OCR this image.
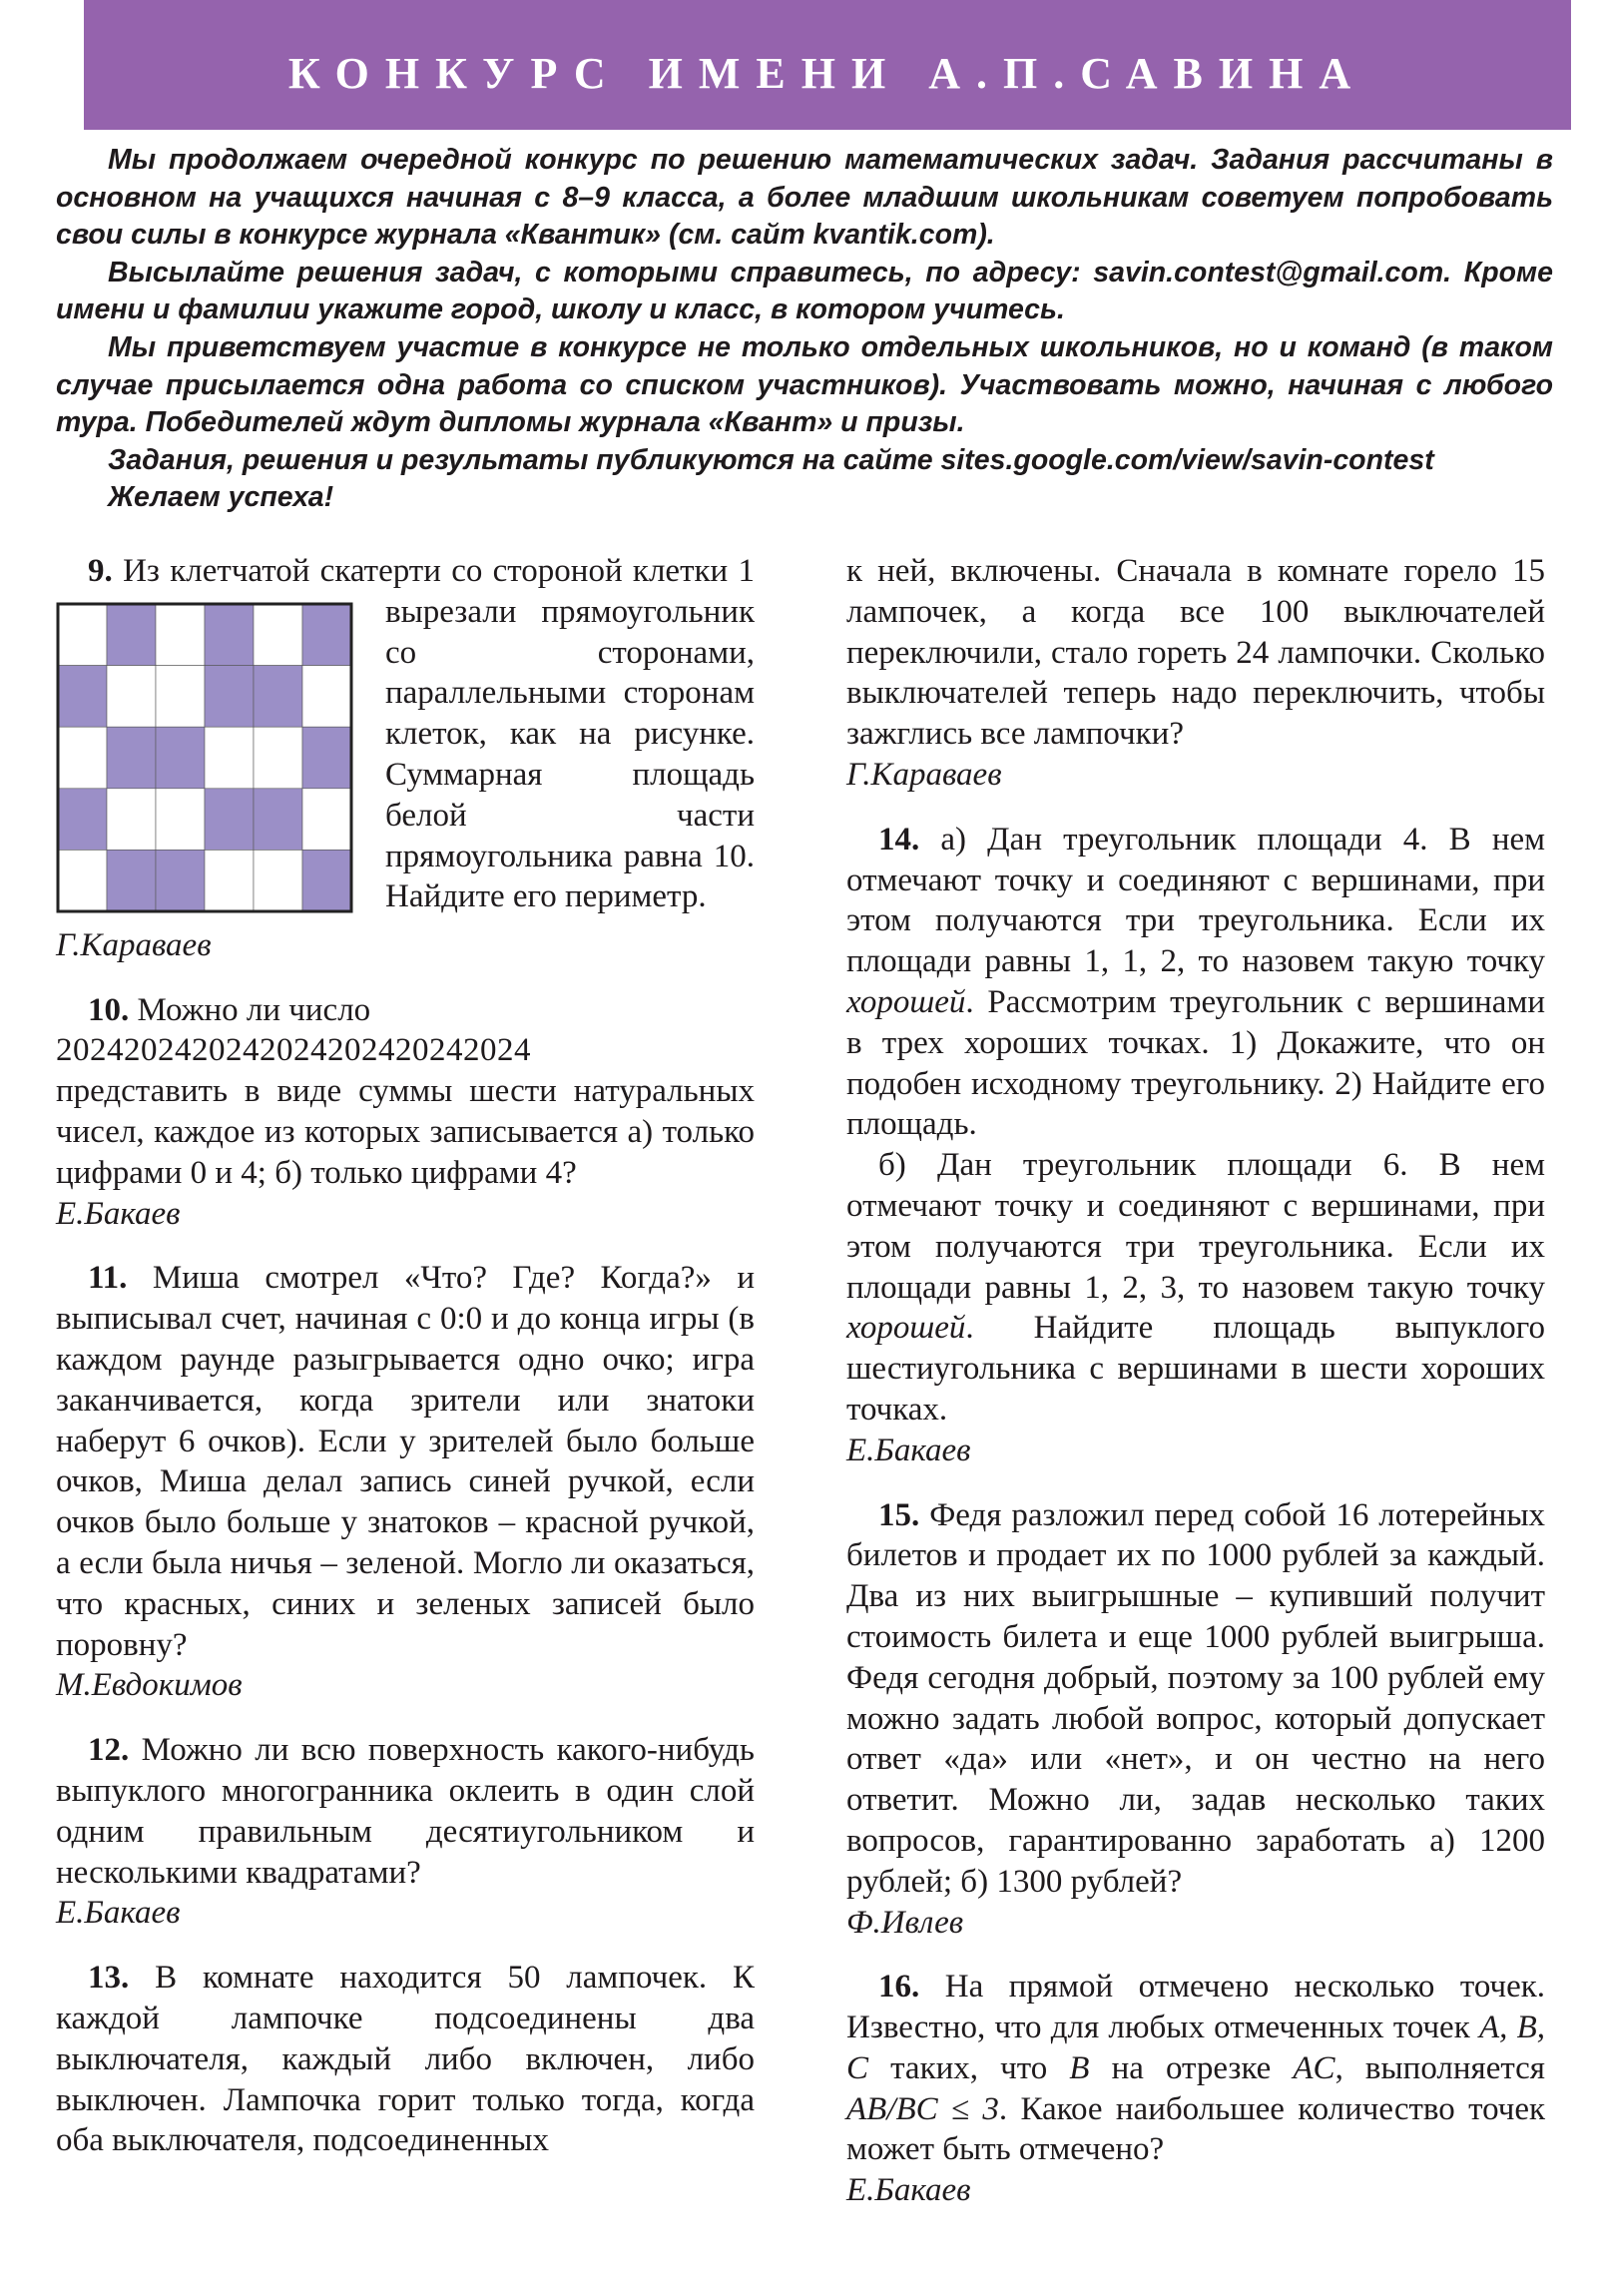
КОНКУРС ИМЕНИ А.П.САВИНА

Мы продолжаем очередной конкурс по решению математических задач. Задания рассчитаны в основном на учащихся начиная с 8–9 класса, а более младшим школьникам советуем попробовать свои силы в конкурсе журнала «Квантик» (см. сайт kvantik.com).

Высылайте решения задач, с которыми справитесь, по адресу: savin.contest@gmail.com. Кроме имени и фамилии укажите город, школу и класс, в котором учитесь.

Мы приветствуем участие в конкурсе не только отдельных школьников, но и команд (в таком случае присылается одна работа со списком участников). Участвовать можно, начиная с любого тура. Победителей ждут дипломы журнала «Квант» и призы.

Задания, решения и результаты публикуются на сайте sites.google.com/view/savin-contest

Желаем успеха!

9. Из клетчатой скатерти со стороной клетки 1
вырезали прямоугольник со сторонами, параллельными сторонам клеток, как на рисунке. Суммарная площадь белой части прямоугольника равна 10. Найдите его периметр.

Г.Караваев

10. Можно ли число

2024202420242024202420242024

представить в виде суммы шести натуральных чисел, каждое из которых записывается а) только цифрами 0 и 4; б) только цифрами 4?

Е.Бакаев

11. Миша смотрел «Что? Где? Когда?» и выписывал счет, начиная с 0:0 и до конца игры (в каждом раунде разыгрывается одно очко; игра заканчивается, когда зрители или знатоки наберут 6 очков). Если у зрителей было больше очков, Миша делал запись синей ручкой, если очков было больше у знатоков – красной ручкой, а если была ничья – зеленой. Могло ли оказаться, что красных, синих и зеленых записей было поровну?

М.Евдокимов

12. Можно ли всю поверхность какого-нибудь выпуклого многогранника оклеить в один слой одним правильным десятиугольником и несколькими квадратами?

Е.Бакаев

13. В комнате находится 50 лампочек. К каждой лампочке подсоединены два выключателя, каждый либо включен, либо выключен. Лампочка горит только тогда, когда оба выключателя, подсоединенных

к ней, включены. Сначала в комнате горело 15 лампочек, а когда все 100 выключателей переключили, стало гореть 24 лампочки. Сколько выключателей теперь надо переключить, чтобы зажглись все лампочки?

Г.Караваев

14. а) Дан треугольник площади 4. В нем отмечают точку и соединяют с вершинами, при этом получаются три треугольника. Если их площади равны 1, 1, 2, то назовем такую точку хорошей. Рассмотрим треугольник с вершинами в трех хороших точках. 1) Докажите, что он подобен исходному треугольнику. 2) Найдите его площадь.

б) Дан треугольник площади 6. В нем отмечают точку и соединяют с вершинами, при этом получаются три треугольника. Если их площади равны 1, 2, 3, то назовем такую точку хорошей. Найдите площадь выпуклого шестиугольника с вершинами в шести хороших точках.

Е.Бакаев

15. Федя разложил перед собой 16 лотерейных билетов и продает их по 1000 рублей за каждый. Два из них выигрышные – купивший получит стоимость билета и еще 1000 рублей выигрыша. Федя сегодня добрый, поэтому за 100 рублей ему можно задать любой вопрос, который допускает ответ «да» или «нет», и он честно на него ответит. Можно ли, задав несколько таких вопросов, гарантированно заработать а) 1200 рублей; б) 1300 рублей?

Ф.Ивлев

16. На прямой отмечено несколько точек. Известно, что для любых отмеченных точек A, B, C таких, что B на отрезке AC, выполняется AB/BC ≤ 3. Какое наибольшее количество точек может быть отмечено?

Е.Бакаев
